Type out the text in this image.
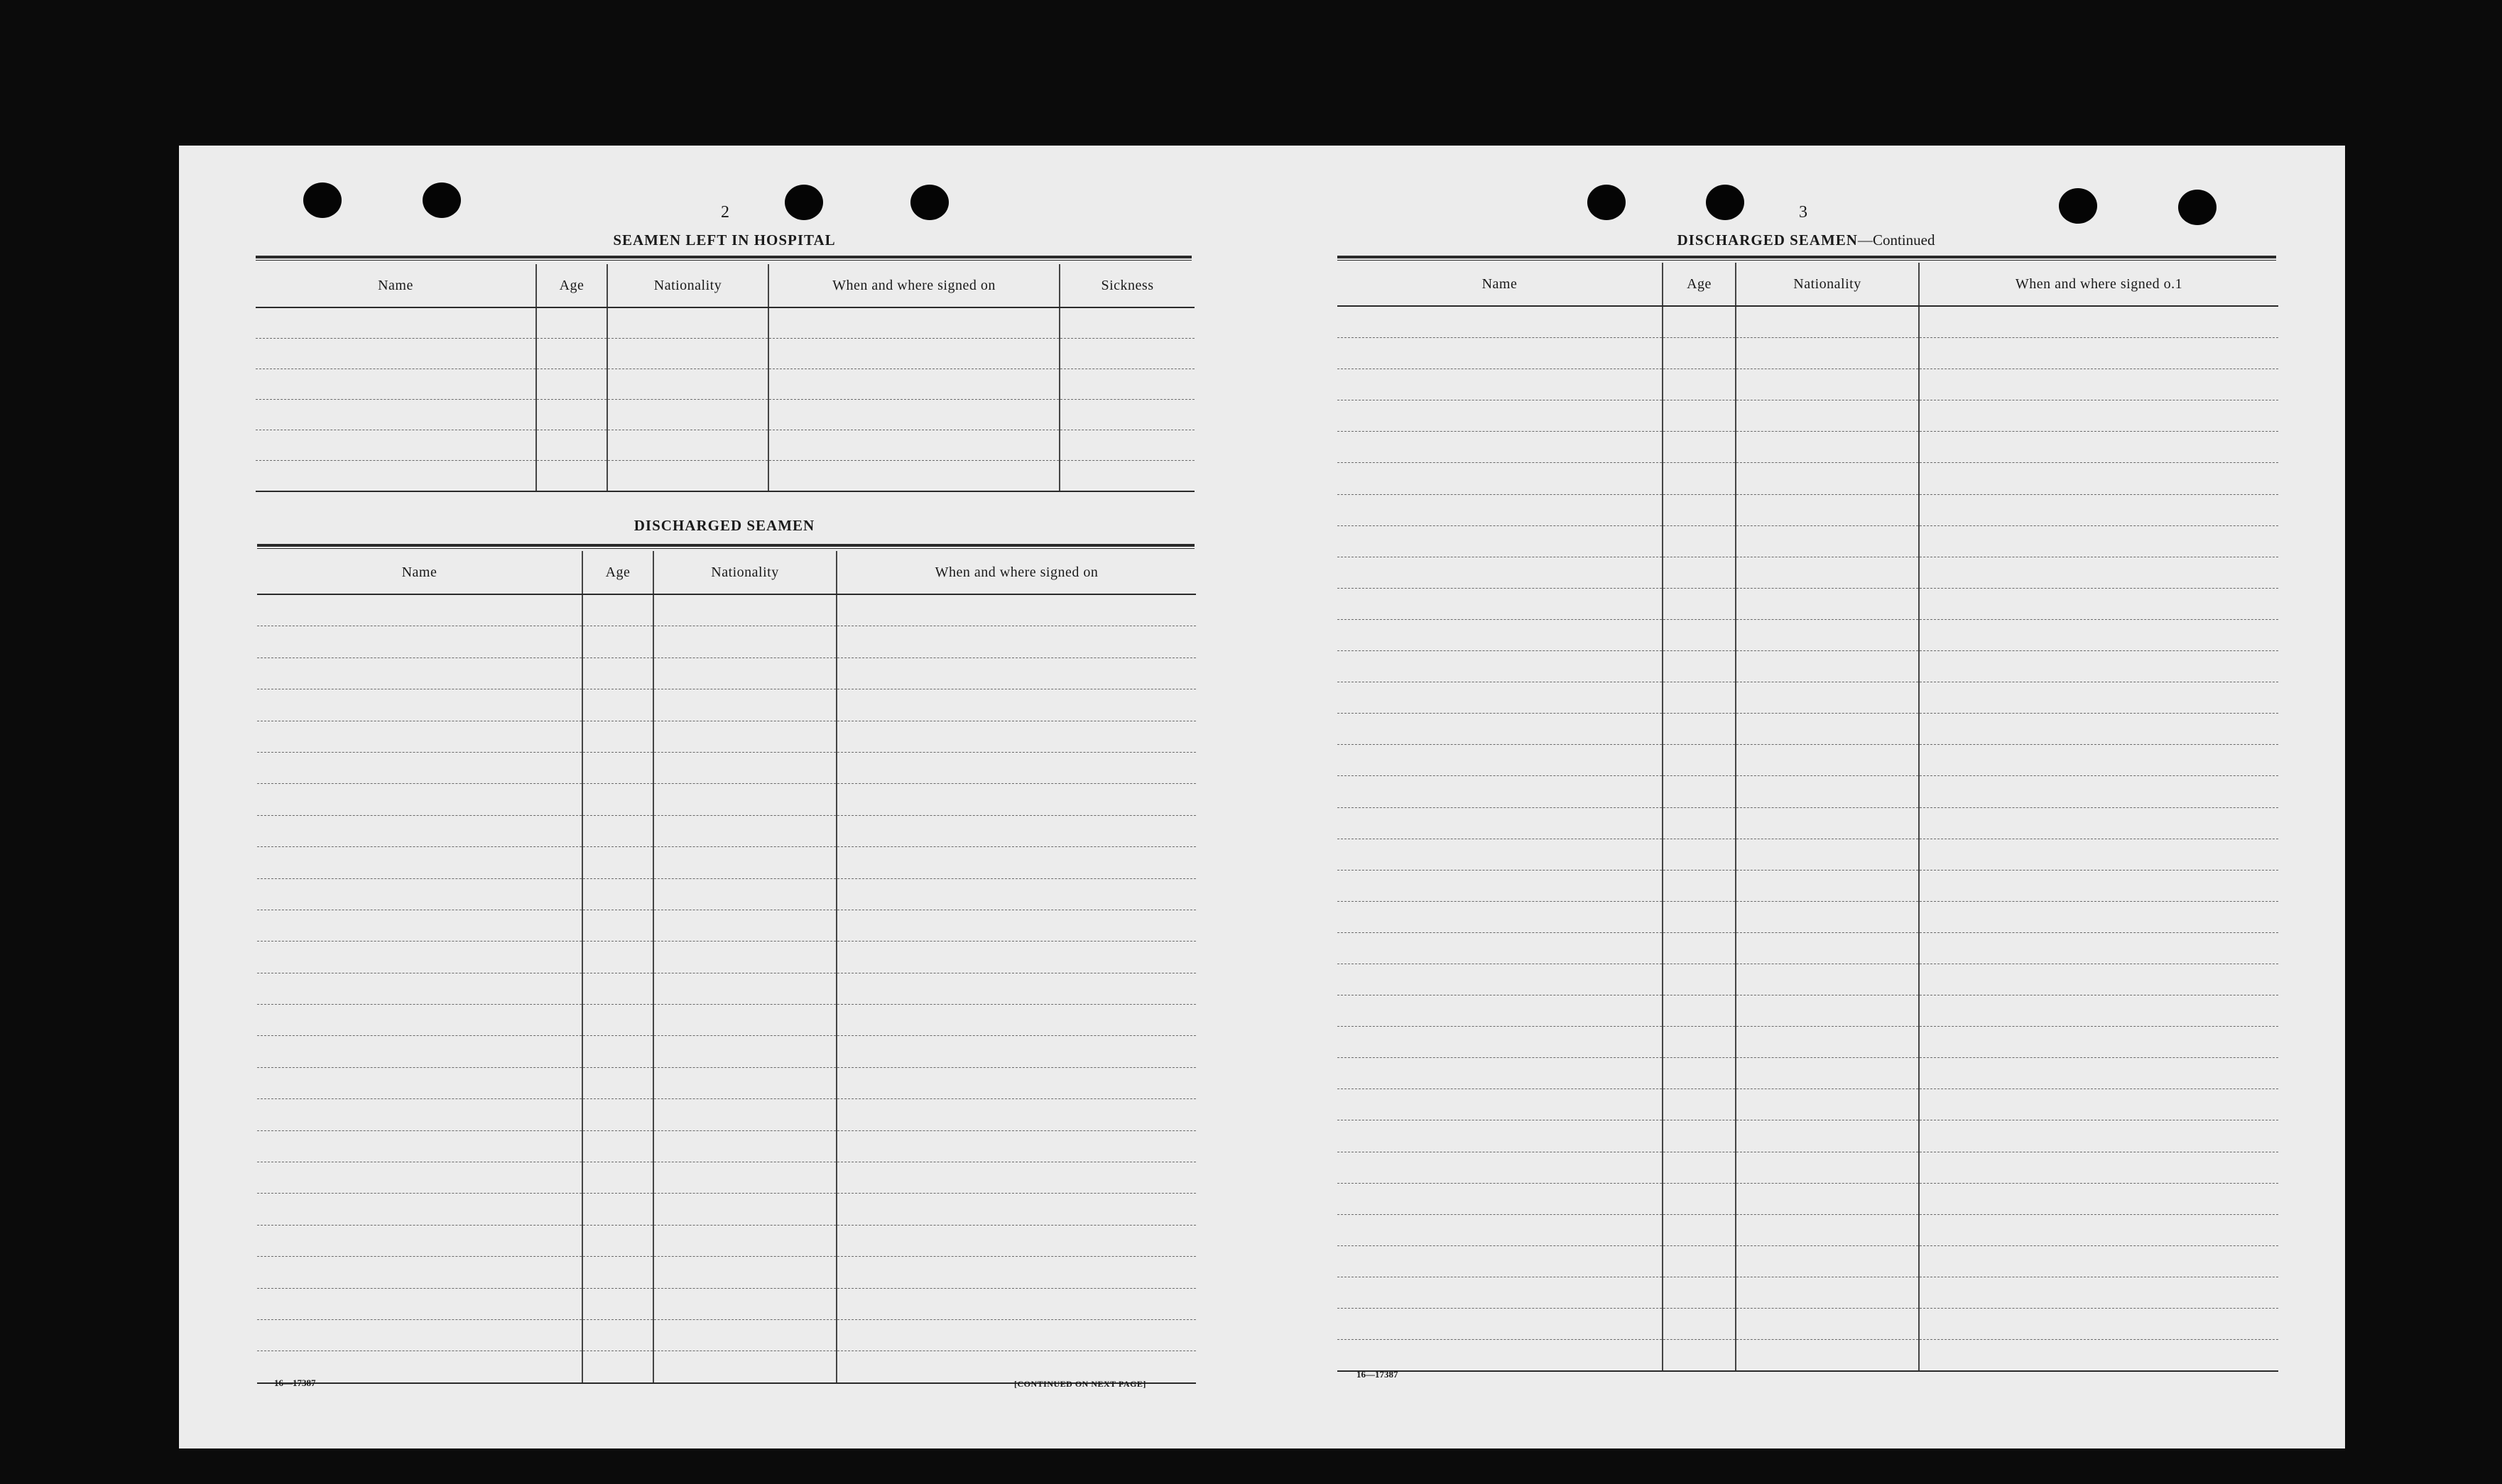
2
SEAMEN LEFT IN HOSPITAL
Name	Age	Nationality	When and where signed on	Sickness

DISCHARGED SEAMEN
Name	Age	Nationality	When and where signed on

16—17387	[CONTINUED ON NEXT PAGE]
3
DISCHARGED SEAMEN—Continued
Name	Age	Nationality	When and where signed o.1

16—17387
